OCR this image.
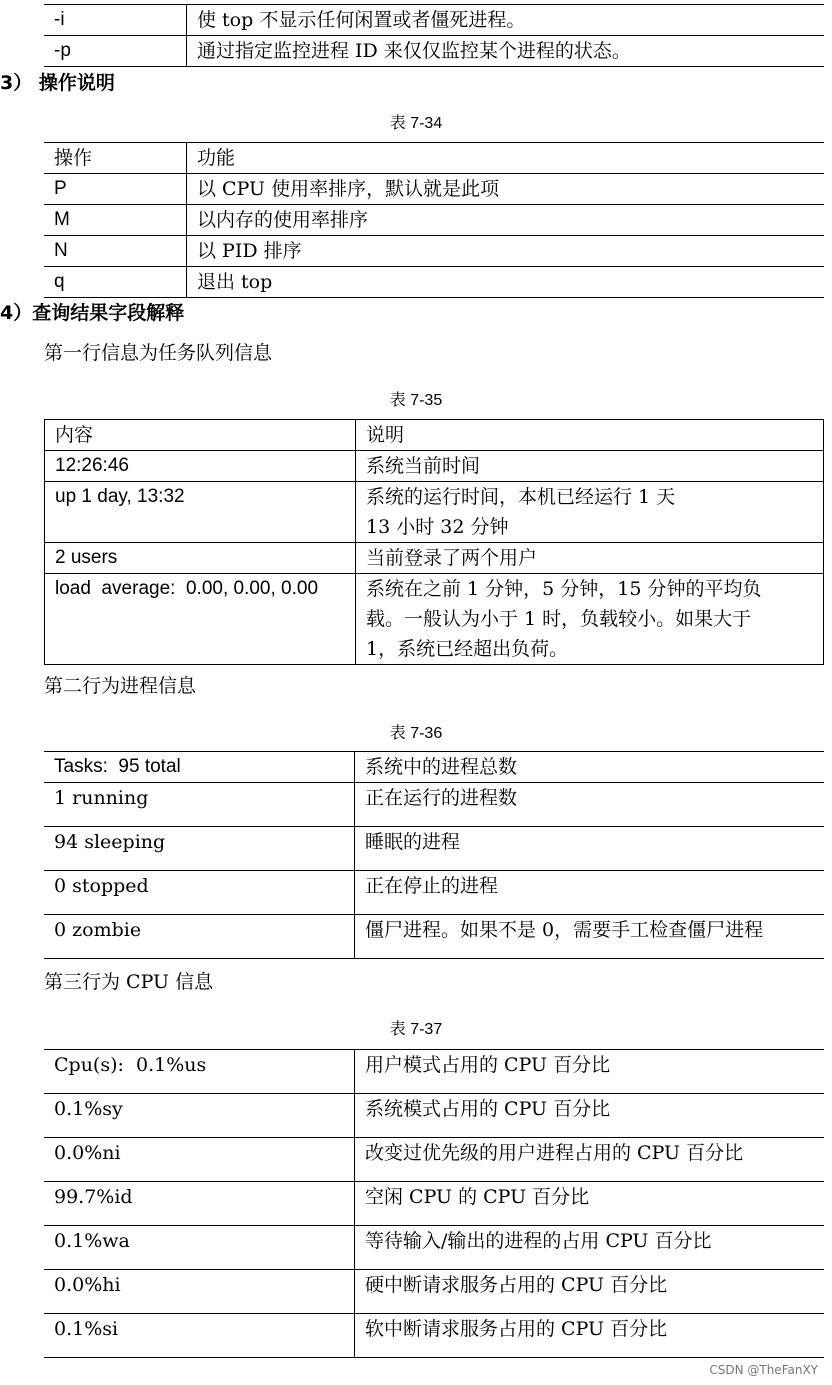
-i	使 top 不显示任何闲置或者僵死进程。
-p	通过指定监控进程 ID 来仅仅监控某个进程的状态。
3） 操作说明
表 7-34
操作	功能
P	以 CPU 使用率排序，默认就是此项
M	以内存的使用率排序
N	以 PID 排序
q	退出 top
4）查询结果字段解释
第一行信息为任务队列信息
表 7-35
内容	说明
12:26:46	系统当前时间
up 1 day, 13:32	系统的运行时间，本机已经运行 1 天
13 小时 32 分钟

2 users	当前登录了两个用户
load  average:  0.00, 0.00, 0.00	系统在之前 1 分钟，5 分钟，15 分钟的平均负
载。一般认为小于 1 时，负载较小。如果大于
1，系统已经超出负荷。
第二行为进程信息
表 7-36
Tasks:  95 total	系统中的进程总数
1 running	正在运行的进程数
94 sleeping	睡眠的进程
0 stopped	正在停止的进程
0 zombie	僵尸进程。如果不是 0，需要手工检查僵尸进程
第三行为 CPU 信息
表 7-37
Cpu(s):  0.1%us	用户模式占用的 CPU 百分比
0.1%sy	系统模式占用的 CPU 百分比
0.0%ni	改变过优先级的用户进程占用的 CPU 百分比
99.7%id	空闲 CPU 的 CPU 百分比
0.1%wa	等待输入/输出的进程的占用 CPU 百分比
0.0%hi	硬中断请求服务占用的 CPU 百分比
0.1%si	软中断请求服务占用的 CPU 百分比
CSDN @TheFanXY
